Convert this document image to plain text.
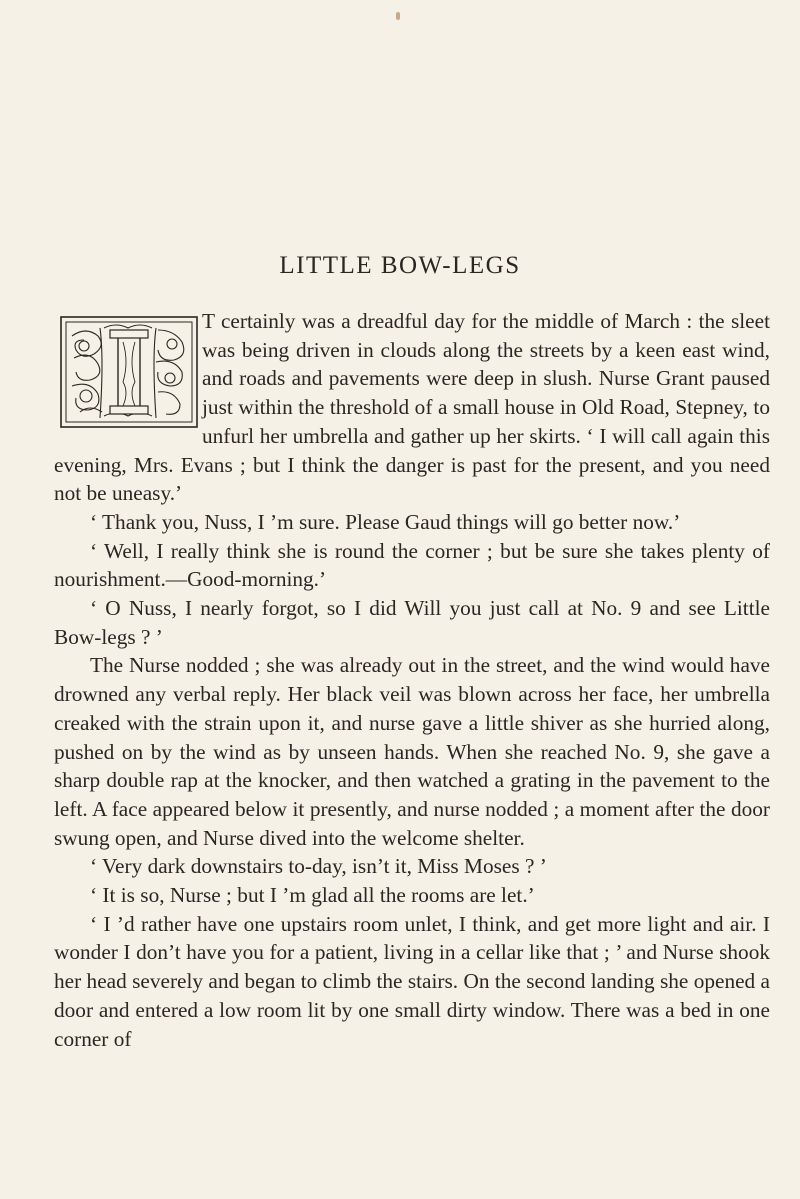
LITTLE BOW-LEGS

T certainly was a dreadful day for the middle of March : the sleet was being driven in clouds along the streets by a keen east wind, and roads and pavements were deep in slush. Nurse Grant paused just within the threshold of a small house in Old Road, Stepney, to unfurl her umbrella and gather up her skirts. ‘ I will call again this evening, Mrs. Evans ; but I think the danger is past for the present, and you need not be uneasy.’

‘ Thank you, Nuss, I ’m sure. Please Gaud things will go better now.’

‘ Well, I really think she is round the corner ; but be sure she takes plenty of nourishment.—Good-morning.’

‘ O Nuss, I nearly forgot, so I did Will you just call at No. 9 and see Little Bow-legs ? ’

The Nurse nodded ; she was already out in the street, and the wind would have drowned any verbal reply. Her black veil was blown across her face, her umbrella creaked with the strain upon it, and nurse gave a little shiver as she hurried along, pushed on by the wind as by unseen hands. When she reached No. 9, she gave a sharp double rap at the knocker, and then watched a grating in the pavement to the left. A face appeared below it presently, and nurse nodded ; a moment after the door swung open, and Nurse dived into the welcome shelter.

‘ Very dark downstairs to-day, isn’t it, Miss Moses ? ’

‘ It is so, Nurse ; but I ’m glad all the rooms are let.’

‘ I ’d rather have one upstairs room unlet, I think, and get more light and air. I wonder I don’t have you for a patient, living in a cellar like that ; ’ and Nurse shook her head severely and began to climb the stairs. On the second landing she opened a door and entered a low room lit by one small dirty window. There was a bed in one corner of
